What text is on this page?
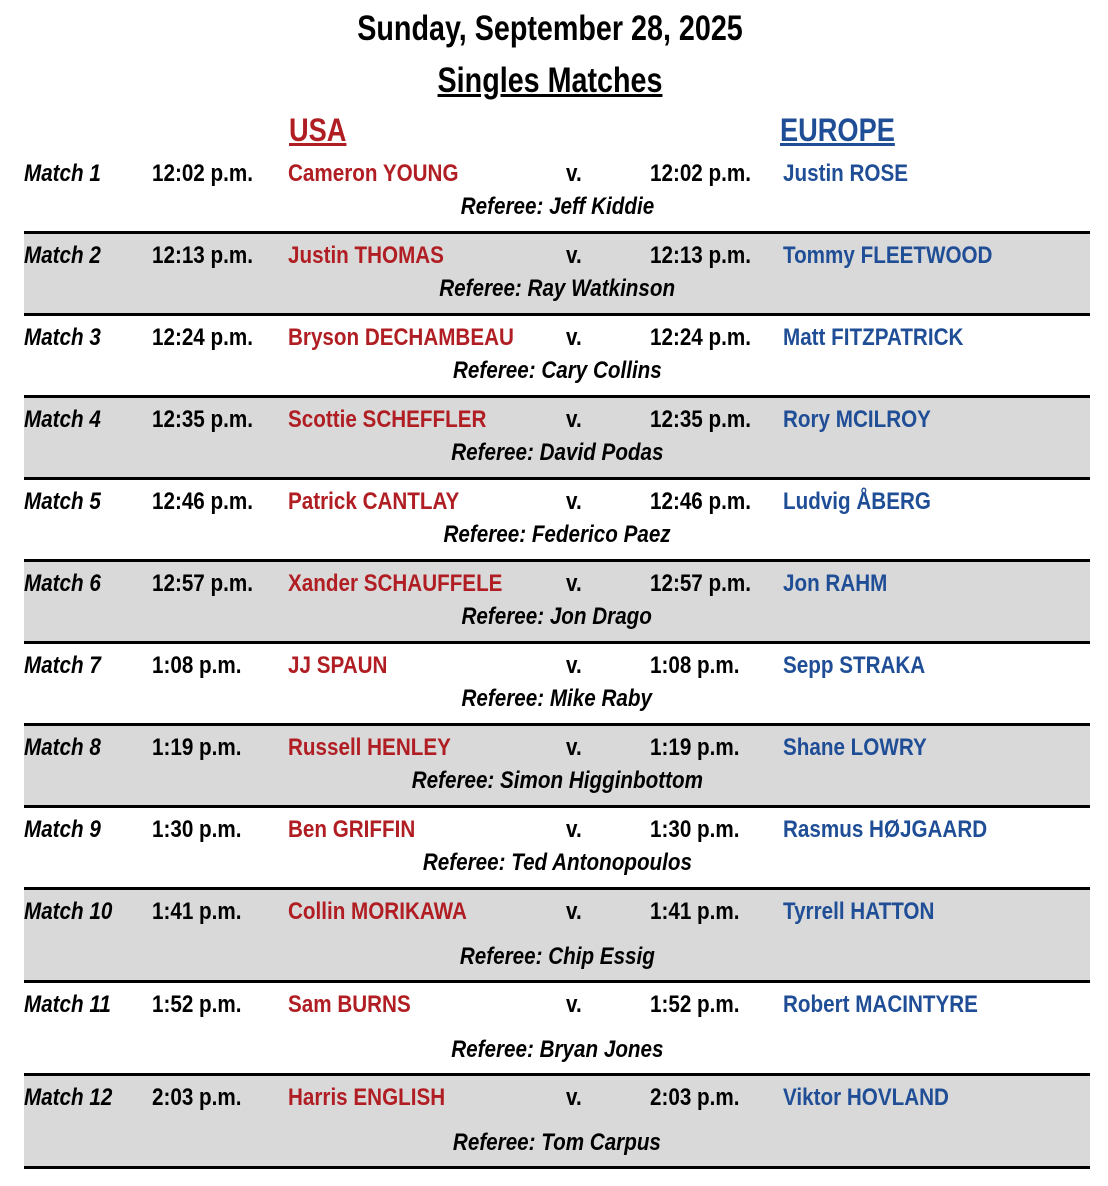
Sunday, September 28, 2025
Singles Matches
USA	EUROPE
Match 1 12:02 p.m. Cameron YOUNG	v.	12:02 p.m. Justin ROSE
Referee: Jeff Kiddie
Match 2 12:13 p.m. Justin THOMAS	v.	12:13 p.m. Tommy FLEETWOOD
Referee: Ray Watkinson
Match 3 12:24 p.m. Bryson DECHAMBEAU v.	12:24 p.m. Matt FITZPATRICK
Referee: Cary Collins
Match 4 12:35 p.m. Scottie SCHEFFLER	v.	12:35 p.m. Rory MCILROY
Referee: David Podas
Match 5 12:46 p.m. Patrick CANTLAY	v.	12:46 p.m. Ludvig ÅBERG
Referee: Federico Paez
Match 6 12:57 p.m. Xander SCHAUFFELE	v.	12:57 p.m. Jon RAHM
Referee: Jon Drago
Match 7 1:08 p.m. JJ SPAUN	v.	1:08 p.m. Sepp STRAKA
Referee: Mike Raby
Match 8 1:19 p.m. Russell HENLEY	v.	1:19 p.m. Shane LOWRY
Referee: Simon Higginbottom
Match 9 1:30 p.m. Ben GRIFFIN	v.	1:30 p.m. Rasmus HØJGAARD
Referee: Ted Antonopoulos
Match 10 1:41 p.m. Collin MORIKAWA	v.	1:41 p.m. Tyrrell HATTON
Referee: Chip Essig
Match 11 1:52 p.m. Sam BURNS	v.	1:52 p.m. Robert MACINTYRE
Referee: Bryan Jones
Match 12 2:03 p.m. Harris ENGLISH	v.	2:03 p.m. Viktor HOVLAND
Referee: Tom Carpus
